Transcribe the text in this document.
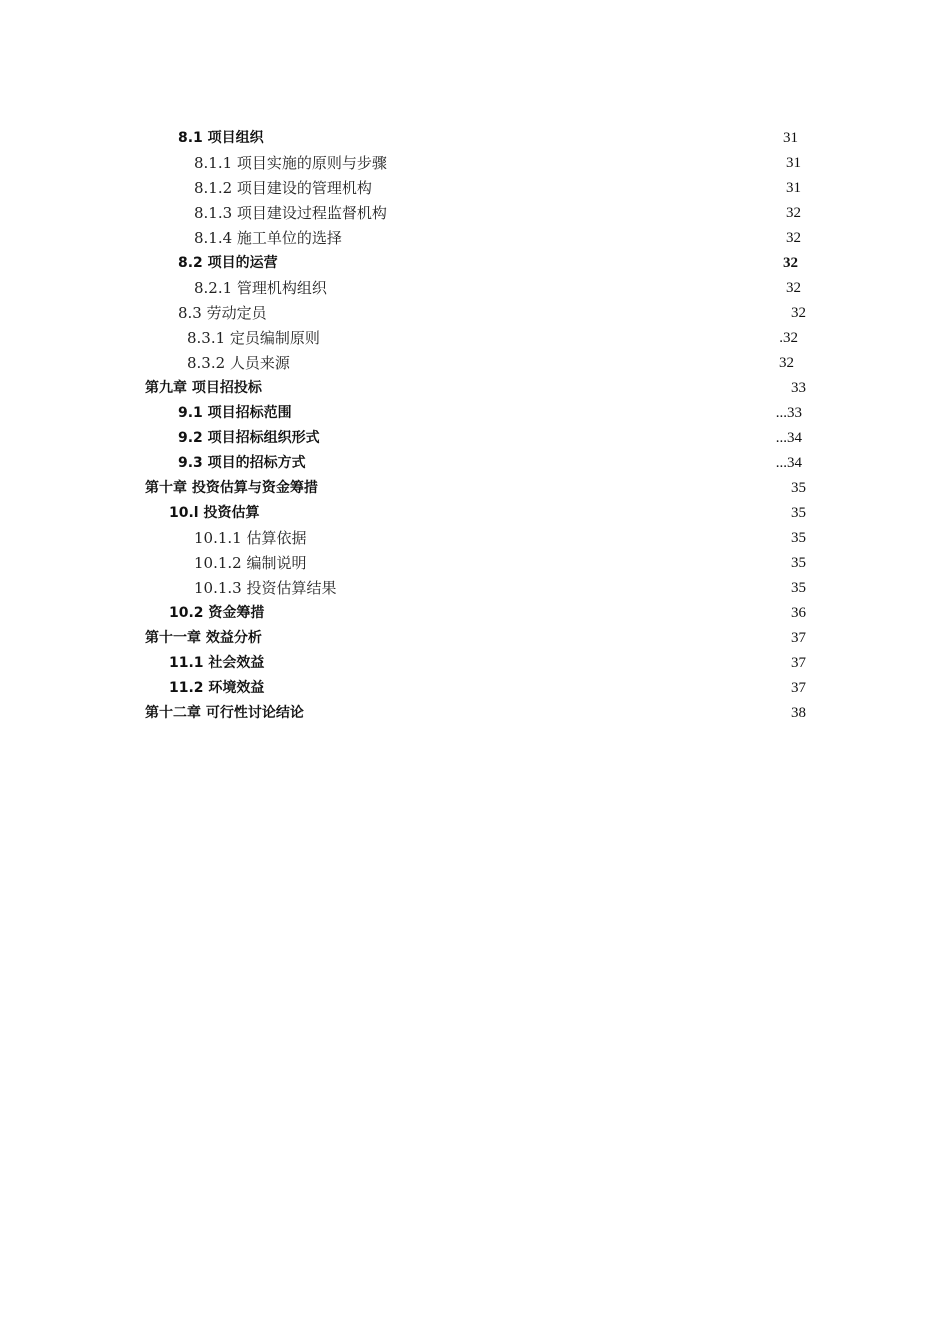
8.1 项目组织	31
8.1.1 项目实施的原则与步骤	31
8.1.2 项目建设的管理机构	31
8.1.3 项目建设过程监督机构	32
8.1.4 施工单位的选择	32
8.2 项目的运营	32
8.2.1 管理机构组织	32
8.3 劳动定员	32
8.3.1 定员编制原则	.32
8.3.2 人员来源	32
第九章 项目招投标	33
9.1 项目招标范围	...33
9.2 项目招标组织形式	...34
9.3 项目的招标方式	...34
第十章 投资估算与资金筹措	35
10.l 投资估算	35
10.1.1 估算依据	35
10.1.2 编制说明	35
10.1.3 投资估算结果	35
10.2 资金筹措	36
第十一章 效益分析	37
11.1 社会效益	37
11.2 环境效益	37
第十二章 可行性讨论结论	38
